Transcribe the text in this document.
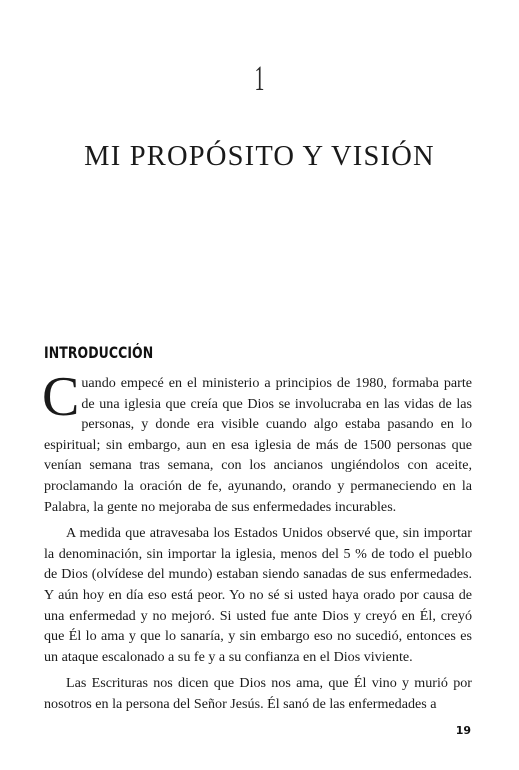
1
MI PROPÓSITO Y VISIÓN
INTRODUCCIÓN

Cuando empecé en el ministerio a principios de 1980, formaba parte de una iglesia que creía que Dios se involucraba en las vidas de las personas, y donde era visible cuando algo estaba pasando en lo espiritual; sin embargo, aun en esa iglesia de más de 1500 personas que venían semana tras semana, con los ancianos ungiéndolos con aceite, proclamando la oración de fe, ayunando, orando y permaneciendo en la Palabra, la gente no mejoraba de sus enfermedades incurables.

A medida que atravesaba los Estados Unidos observé que, sin importar la denominación, sin importar la iglesia, menos del 5 % de todo el pueblo de Dios (olvídese del mundo) estaban siendo sanadas de sus enfermedades. Y aún hoy en día eso está peor. Yo no sé si usted haya orado por causa de una enfermedad y no mejoró. Si usted fue ante Dios y creyó en Él, creyó que Él lo ama y que lo sanaría, y sin embargo eso no sucedió, entonces es un ataque escalonado a su fe y a su confianza en el Dios viviente.

Las Escrituras nos dicen que Dios nos ama, que Él vino y murió por nosotros en la persona del Señor Jesús. Él sanó de las enfermedades a

19
